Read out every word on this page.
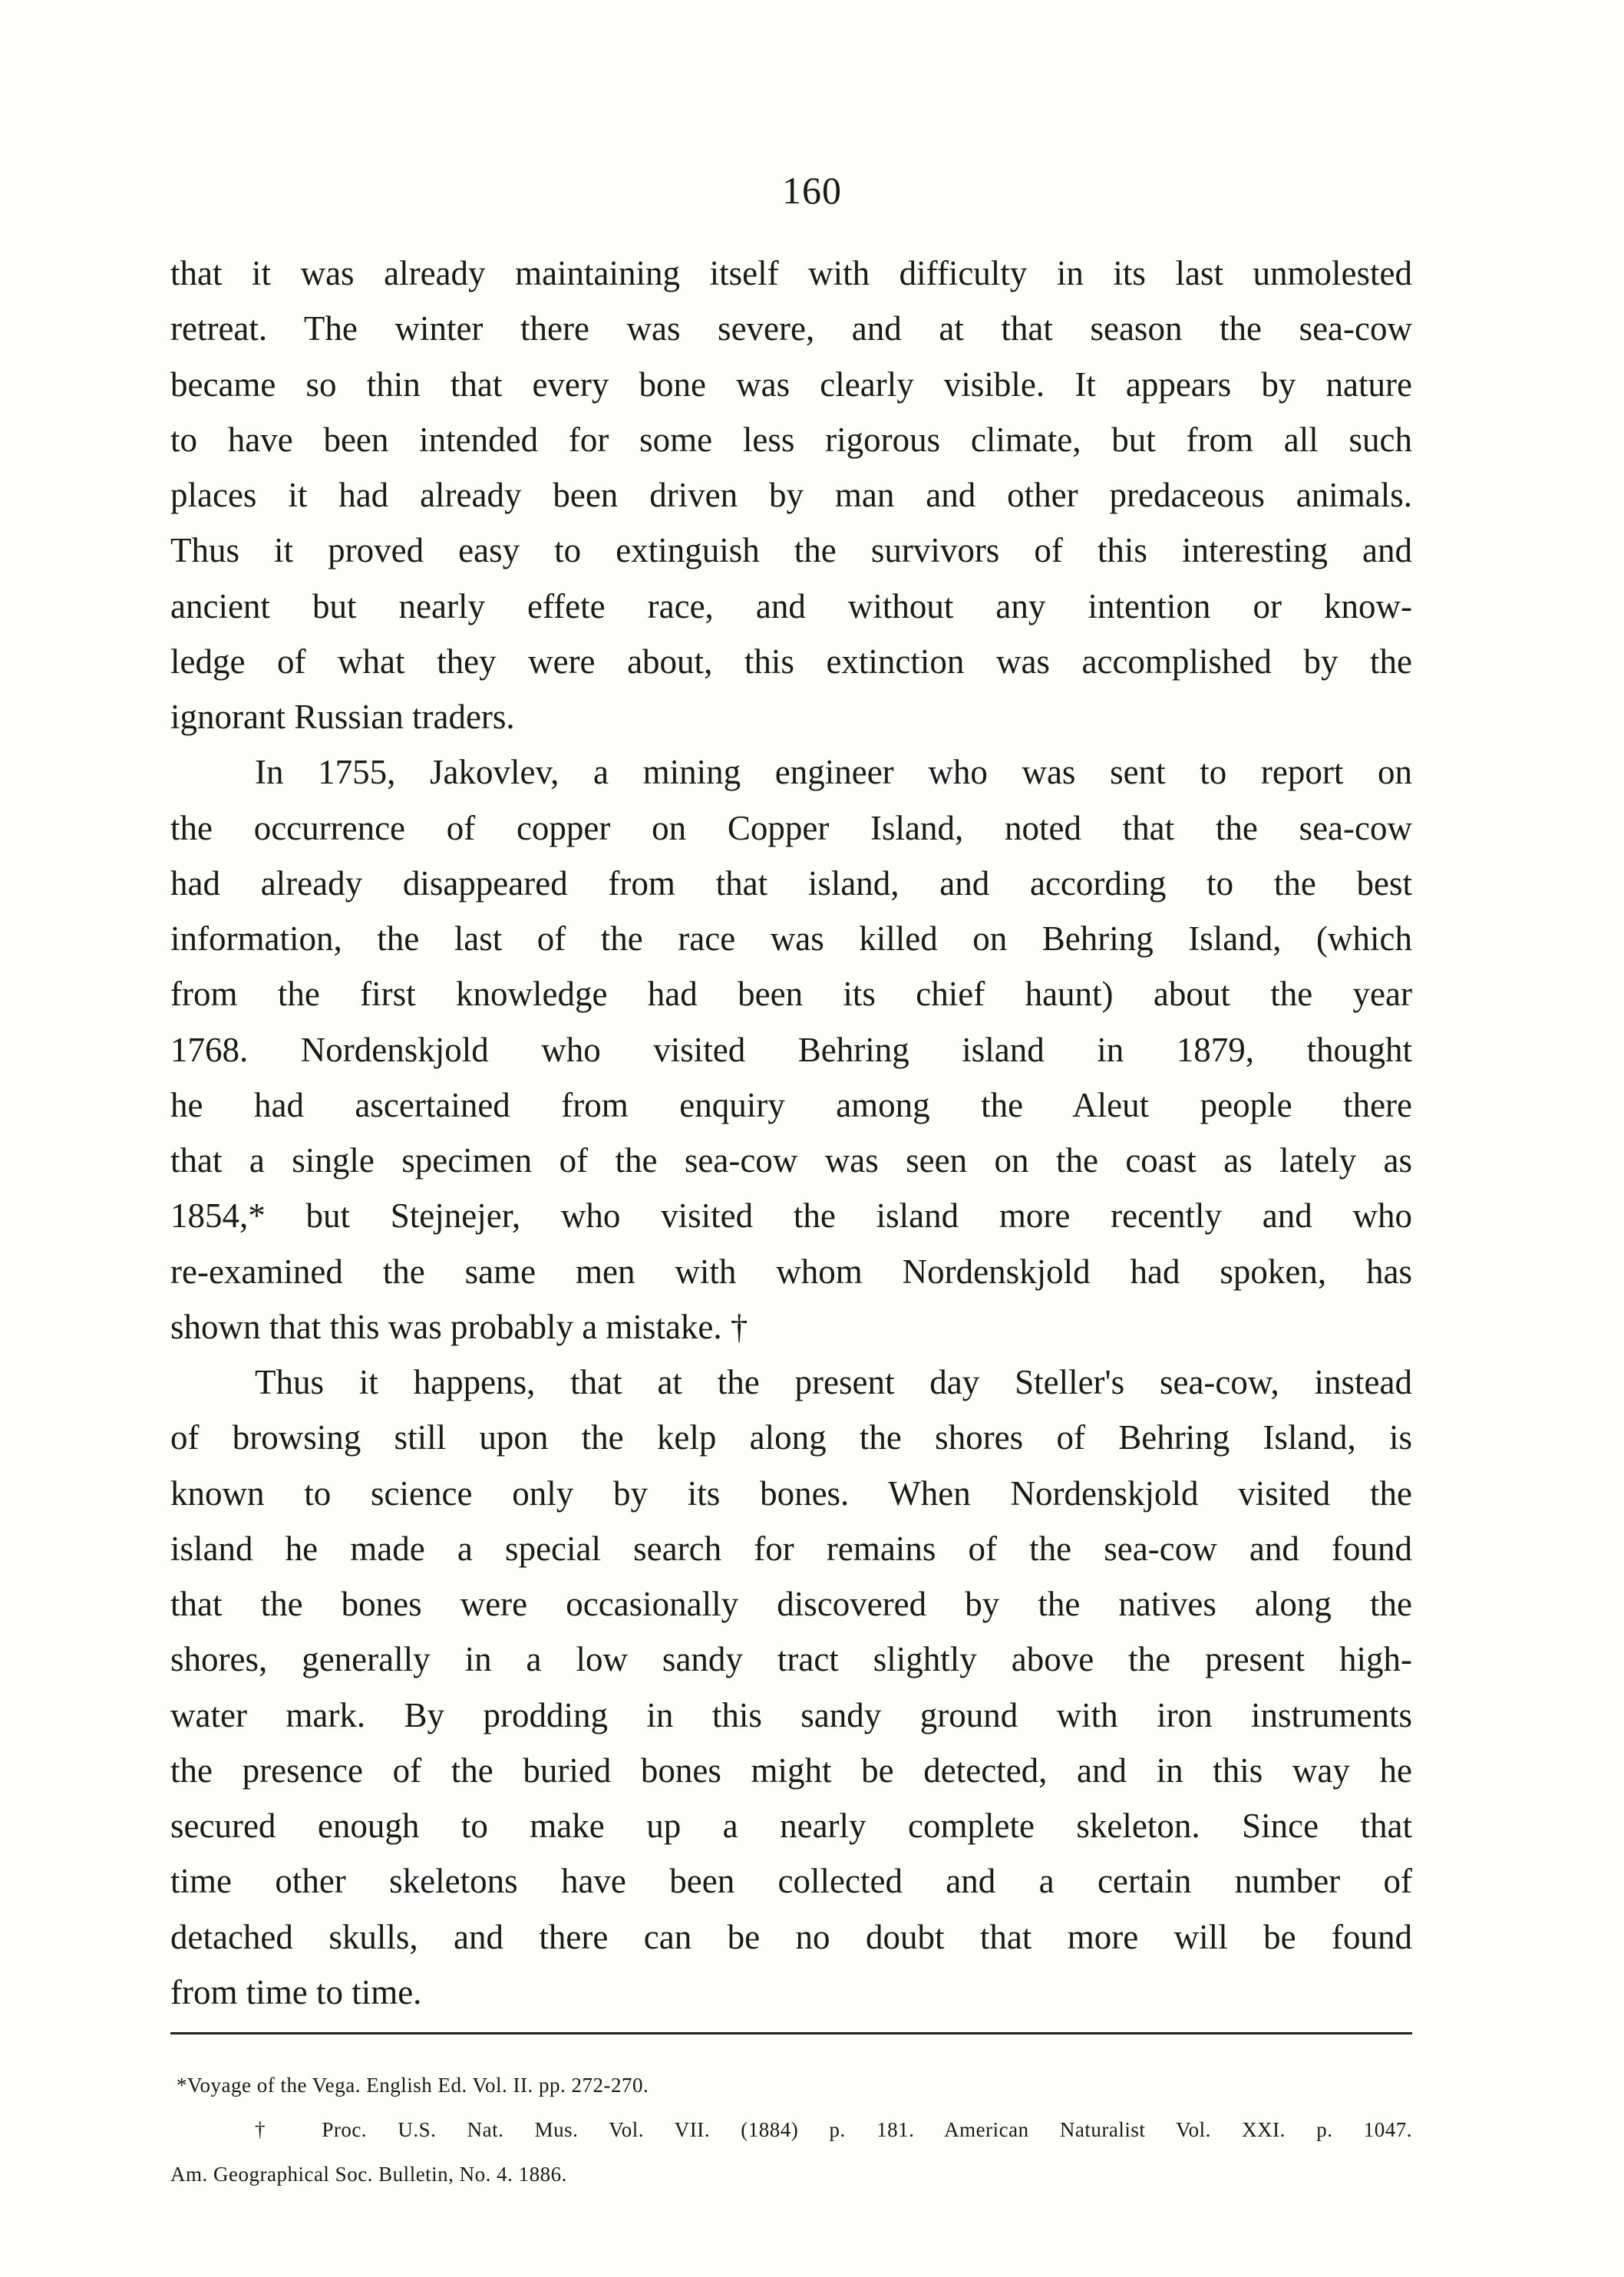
160
that it was already maintaining itself with difficulty in its last unmolested
retreat. The winter there was severe, and at that season the sea-cow
became so thin that every bone was clearly visible. It appears by nature
to have been intended for some less rigorous climate, but from all such
places it had already been driven by man and other predaceous animals.
Thus it proved easy to extinguish the survivors of this interesting and
ancient but nearly effete race, and without any intention or know-
ledge of what they were about, this extinction was accomplished by the
ignorant Russian traders.
In 1755, Jakovlev, a mining engineer who was sent to report on
the occurrence of copper on Copper Island, noted that the sea-cow
had already disappeared from that island, and according to the best
information, the last of the race was killed on Behring Island, (which
from the first knowledge had been its chief haunt) about the year
1768. Nordenskjold who visited Behring island in 1879, thought
he had ascertained from enquiry among the Aleut people there
that a single specimen of the sea-cow was seen on the coast as lately as
1854,* but Stejnejer, who visited the island more recently and who
re-examined the same men with whom Nordenskjold had spoken, has
shown that this was probably a mistake. †
Thus it happens, that at the present day Steller's sea-cow, instead
of browsing still upon the kelp along the shores of Behring Island, is
known to science only by its bones. When Nordenskjold visited the
island he made a special search for remains of the sea-cow and found
that the bones were occasionally discovered by the natives along the
shores, generally in a low sandy tract slightly above the present high-
water mark. By prodding in this sandy ground with iron instruments
the presence of the buried bones might be detected, and in this way he
secured enough to make up a nearly complete skeleton. Since that
time other skeletons have been collected and a certain number of
detached skulls, and there can be no doubt that more will be found
from time to time.
*Voyage of the Vega. English Ed. Vol. II. pp. 272-270.
† Proc. U.S. Nat. Mus. Vol. VII. (1884) p. 181. American Naturalist Vol. XXI. p. 1047.
Am. Geographical Soc. Bulletin, No. 4. 1886.
